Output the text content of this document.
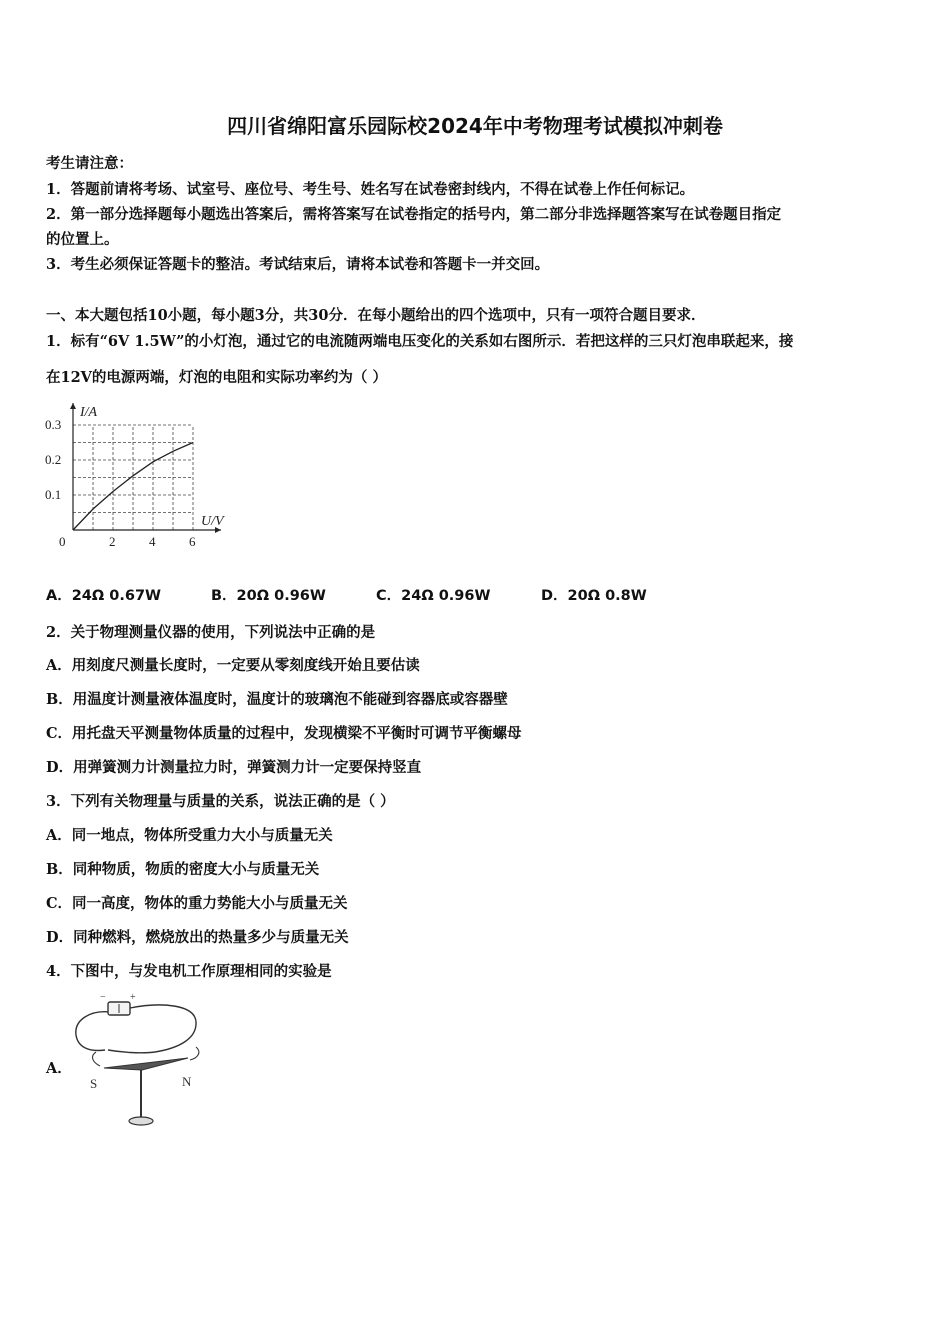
四川省绵阳富乐园际校2024年中考物理考试模拟冲刺卷
考生请注意：
1．答题前请将考场、试室号、座位号、考生号、姓名写在试卷密封线内，不得在试卷上作任何标记。
2．第一部分选择题每小题选出答案后，需将答案写在试卷指定的括号内，第二部分非选择题答案写在试卷题目指定
的位置上。
3．考生必须保证答题卡的整洁。考试结束后，请将本试卷和答题卡一并交回。
一、本大题包括10小题，每小题3分，共30分．在每小题给出的四个选项中，只有一项符合题目要求．
1．标有“6V 1.5W”的小灯泡，通过它的电流随两端电压变化的关系如右图所示．若把这样的三只灯泡串联起来，接
在12V的电源两端，灯泡的电阻和实际功率约为（ ）
U/V
I/A
0	2	4	6
0.1
0.2
0.3
A．24Ω 0.67W	B．20Ω 0.96W	C．24Ω 0.96W	D．20Ω 0.8W
2．关于物理测量仪器的使用，下列说法中正确的是
A．用刻度尺测量长度时，一定要从零刻度线开始且要估读
B．用温度计测量液体温度时，温度计的玻璃泡不能碰到容器底或容器壁
C．用托盘天平测量物体质量的过程中，发现横梁不平衡时可调节平衡螺母
D．用弹簧测力计测量拉力时，弹簧测力计一定要保持竖直
3．下列有关物理量与质量的关系，说法正确的是（ ）
A．同一地点，物体所受重力大小与质量无关
B．同种物质，物质的密度大小与质量无关
C．同一高度，物体的重力势能大小与质量无关
D．同种燃料，燃烧放出的热量多少与质量无关
4．下图中，与发电机工作原理相同的实验是
A．
− +
S	N
